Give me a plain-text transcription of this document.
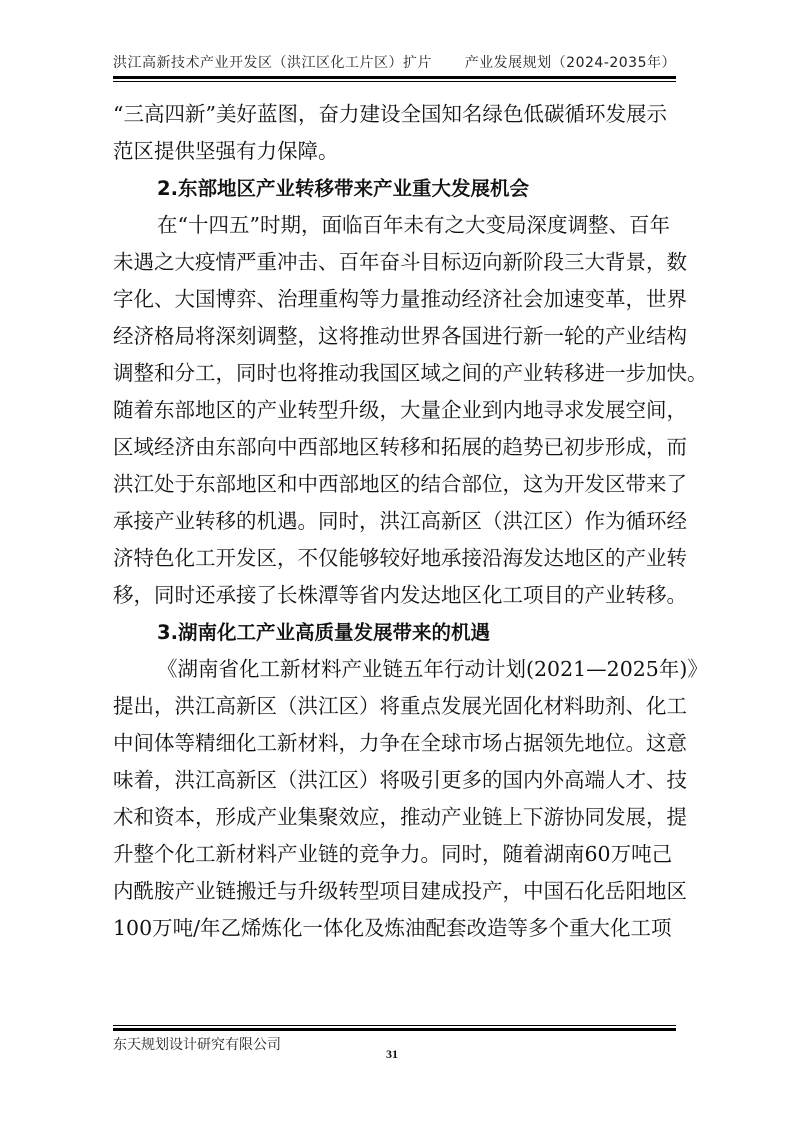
洪江高新技术产业开发区（洪江区化工片区）扩片 产业发展规划（2024-2035年）
“三高四新”美好蓝图，奋力建设全国知名绿色低碳循环发展示
范区提供坚强有力保障。
2.东部地区产业转移带来产业重大发展机会
在“十四五”时期，面临百年未有之大变局深度调整、百年
未遇之大疫情严重冲击、百年奋斗目标迈向新阶段三大背景，数
字化、大国博弈、治理重构等力量推动经济社会加速变革，世界
经济格局将深刻调整，这将推动世界各国进行新一轮的产业结构
调整和分工，同时也将推动我国区域之间的产业转移进一步加快。
随着东部地区的产业转型升级，大量企业到内地寻求发展空间，
区域经济由东部向中西部地区转移和拓展的趋势已初步形成，而
洪江处于东部地区和中西部地区的结合部位，这为开发区带来了
承接产业转移的机遇。同时，洪江高新区（洪江区）作为循环经
济特色化工开发区，不仅能够较好地承接沿海发达地区的产业转
移，同时还承接了长株潭等省内发达地区化工项目的产业转移。
3.湖南化工产业高质量发展带来的机遇
《湖南省化工新材料产业链五年行动计划(2021—2025年)》
提出，洪江高新区（洪江区）将重点发展光固化材料助剂、化工
中间体等精细化工新材料，力争在全球市场占据领先地位。这意
味着，洪江高新区（洪江区）将吸引更多的国内外高端人才、技
术和资本，形成产业集聚效应，推动产业链上下游协同发展，提
升整个化工新材料产业链的竞争力。同时，随着湖南60万吨己
内酰胺产业链搬迁与升级转型项目建成投产，中国石化岳阳地区
100万吨/年乙烯炼化一体化及炼油配套改造等多个重大化工项
东天规划设计研究有限公司
31
